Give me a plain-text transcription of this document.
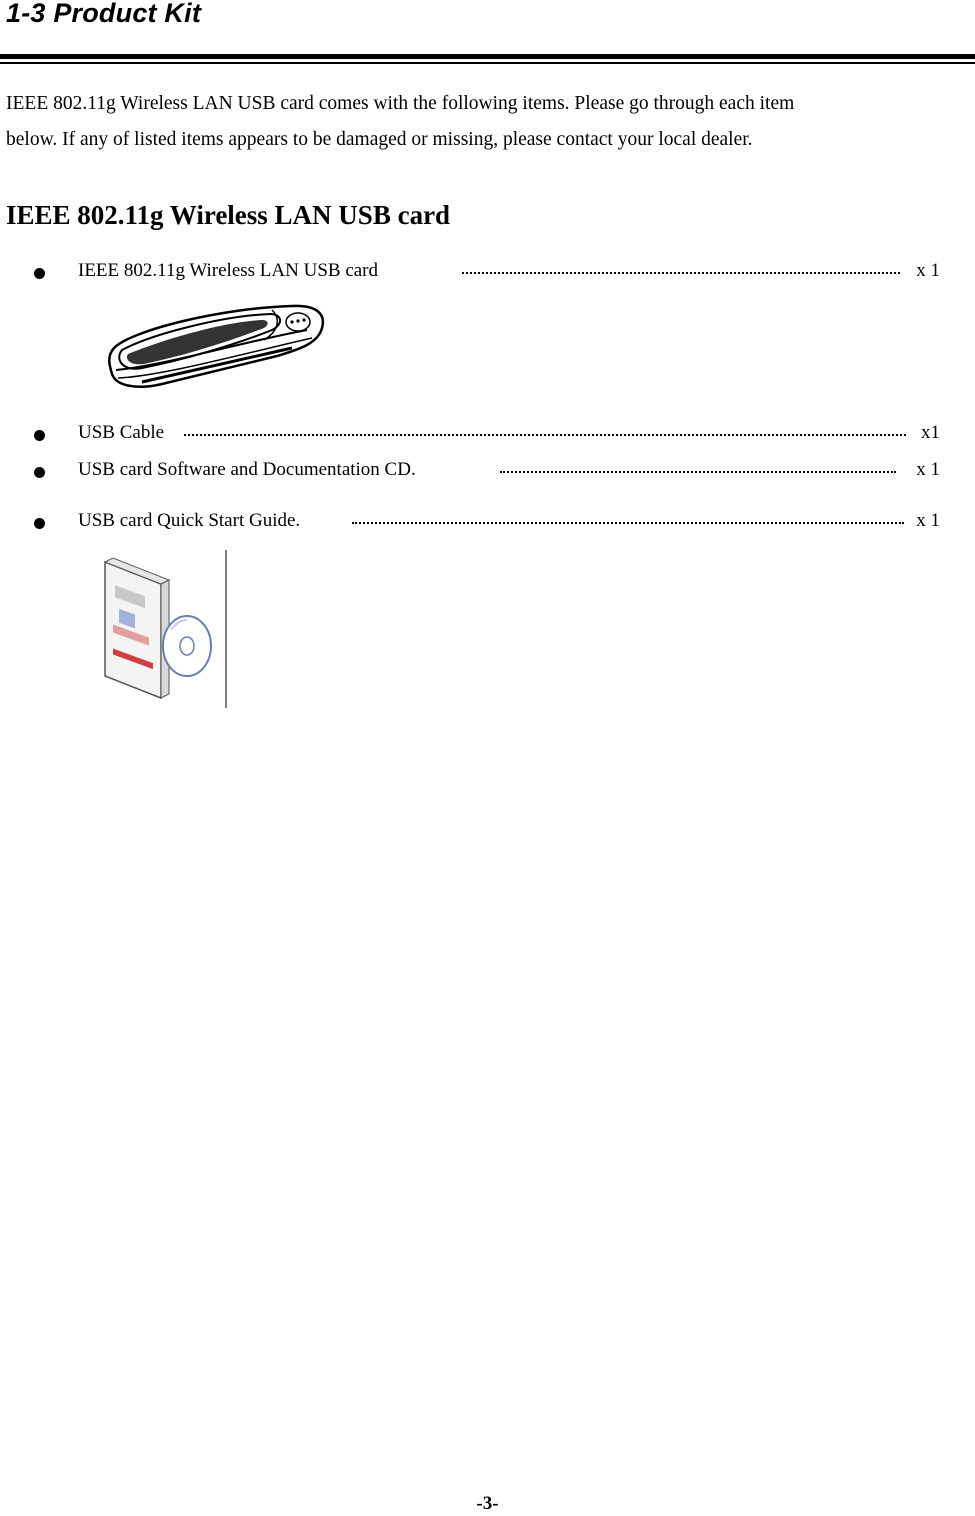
1-3 Product Kit

IEEE 802.11g Wireless LAN USB card comes with the following items. Please go through each item
below. If any of listed items appears to be damaged or missing, please contact your local dealer.

IEEE 802.11g Wireless LAN USB card
IEEE 802.11g Wireless LAN USB card	x 1
USB Cable	x1
USB card Software and Documentation CD.	x 1
USB card Quick Start Guide.	x 1
-3-
